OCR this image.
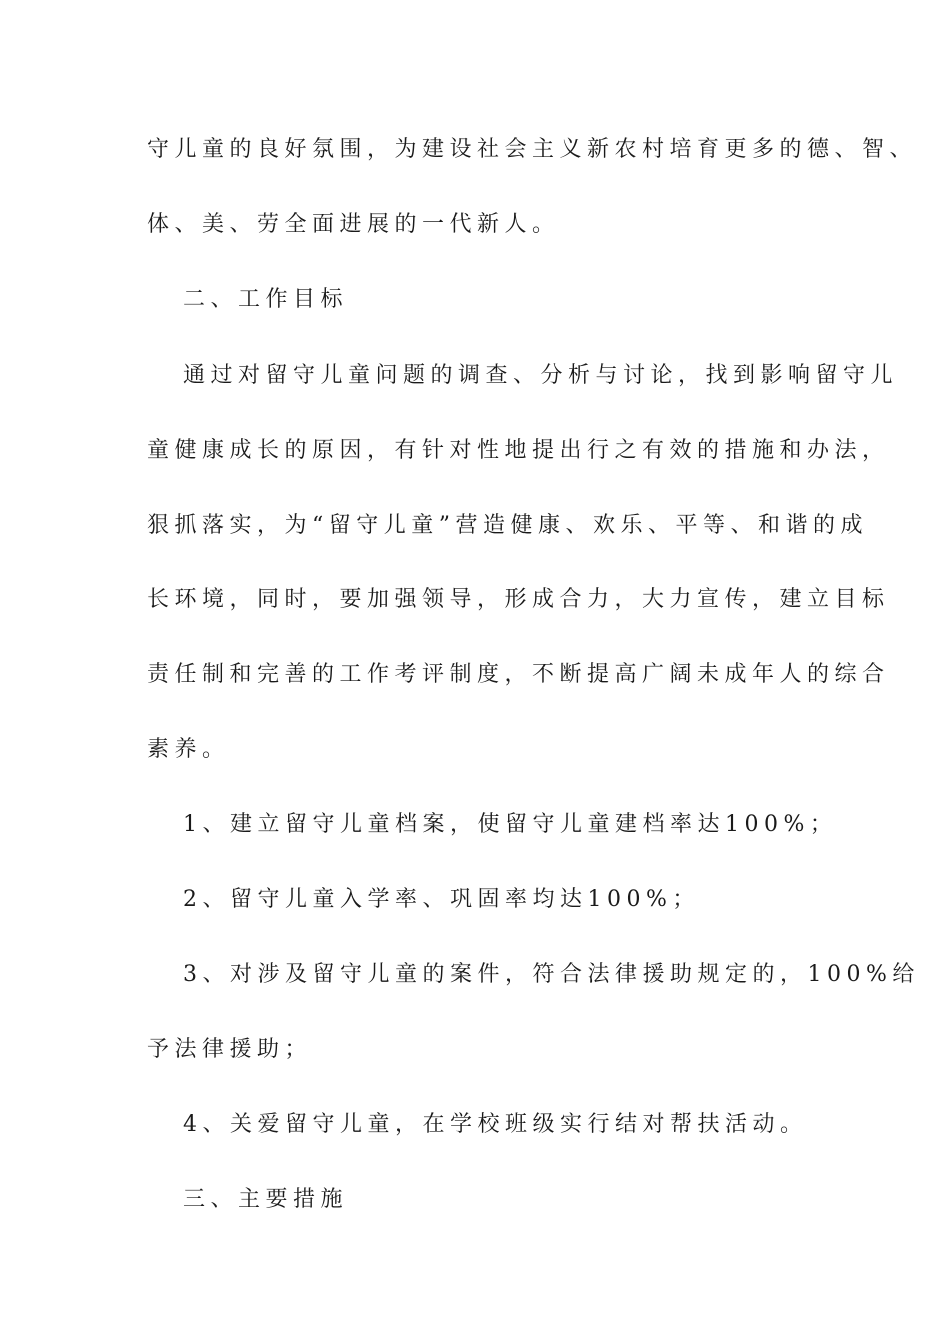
守儿童的良好氛围，为建设社会主义新农村培育更多的德、智、
体、美、劳全面进展的一代新人。
二、工作目标
通过对留守儿童问题的调查、分析与讨论，找到影响留守儿
童健康成长的原因，有针对性地提出行之有效的措施和办法，
狠抓落实，为“留守儿童”营造健康、欢乐、平等、和谐的成
长环境，同时，要加强领导，形成合力，大力宣传，建立目标
责任制和完善的工作考评制度，不断提高广阔未成年人的综合
素养。
1、建立留守儿童档案，使留守儿童建档率达100%；
2、留守儿童入学率、巩固率均达100%；
3、对涉及留守儿童的案件，符合法律援助规定的，100%给
予法律援助；
4、关爱留守儿童，在学校班级实行结对帮扶活动。
三、主要措施
